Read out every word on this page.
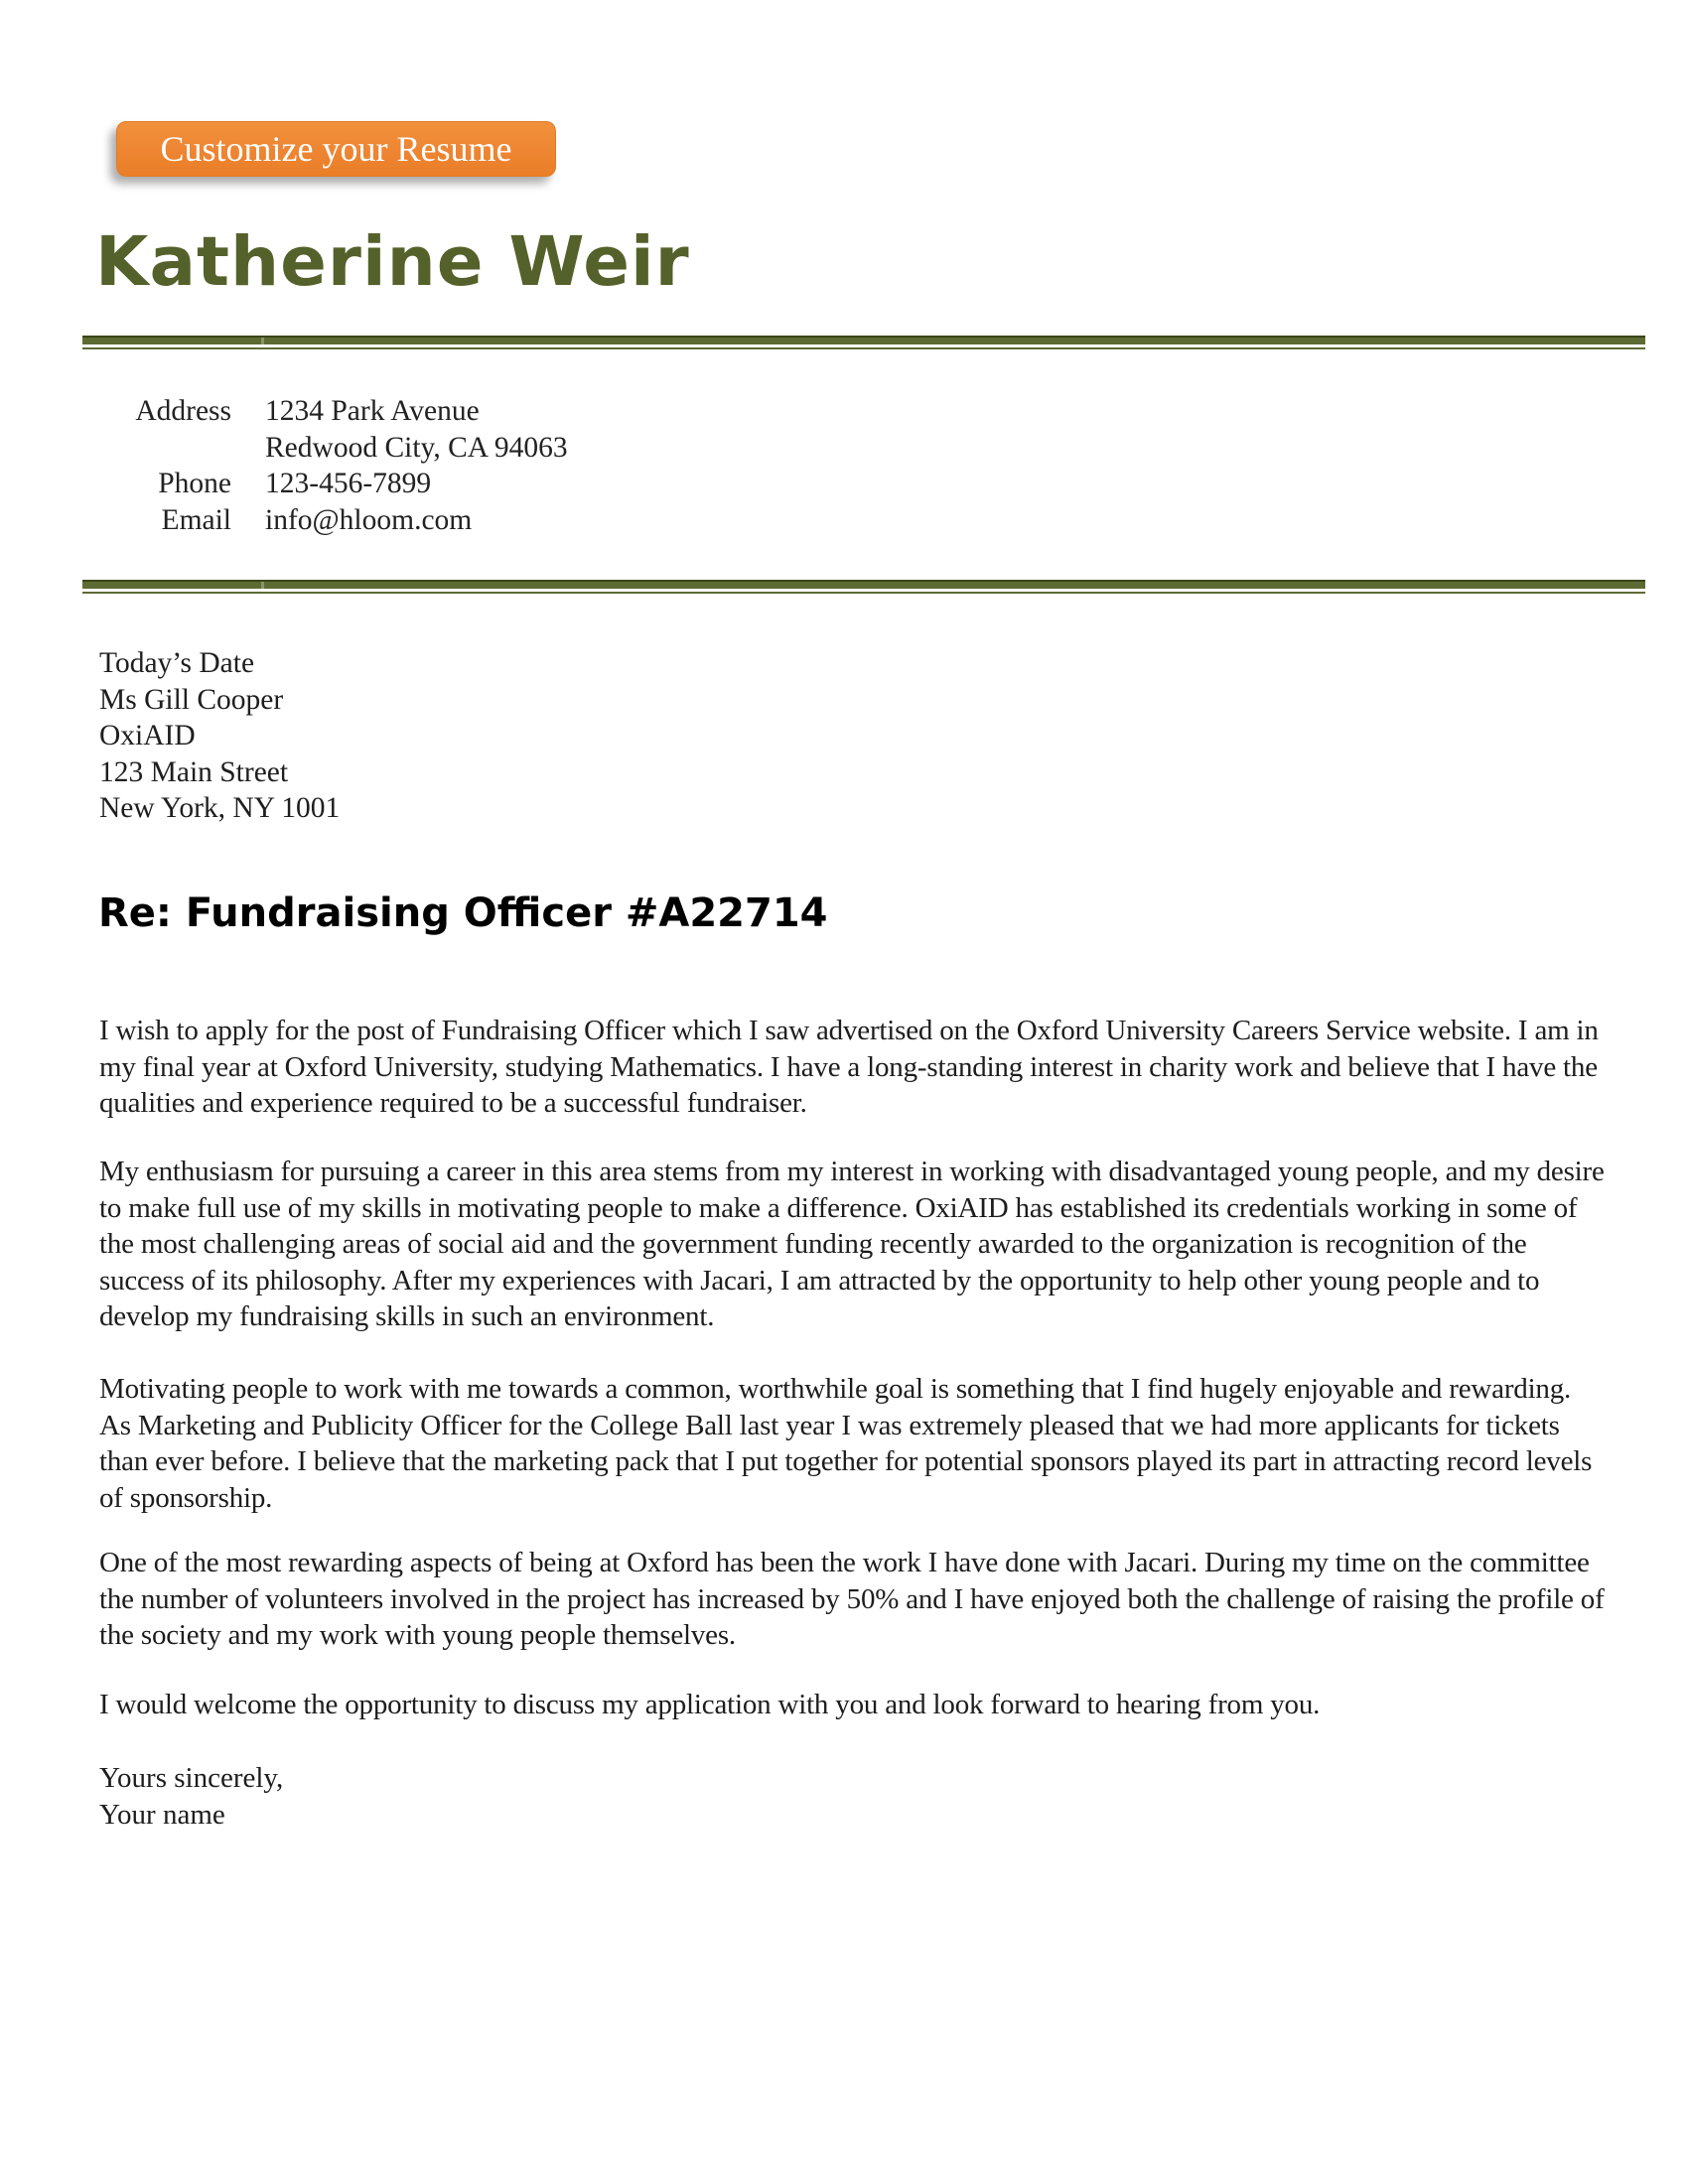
Customize your Resume
Katherine Weir
Address 1234 Park Avenue
Redwood City, CA 94063
Phone 123-456-7899
Email info@hloom.com
Today’s Date
Ms Gill Cooper
OxiAID
123 Main Street
New York, NY 1001
Re: Fundraising Officer #A22714

I wish to apply for the post of Fundraising Officer which I saw advertised on the Oxford University Careers Service website. I am in my final year at Oxford University, studying Mathematics. I have a long-standing interest in charity work and believe that I have the qualities and experience required to be a successful fundraiser.

My enthusiasm for pursuing a career in this area stems from my interest in working with disadvantaged young people, and my desire to make full use of my skills in motivating people to make a difference. OxiAID has established its credentials working in some of the most challenging areas of social aid and the government funding recently awarded to the organization is recognition of the success of its philosophy. After my experiences with Jacari, I am attracted by the opportunity to help other young people and to develop my fundraising skills in such an environment.

Motivating people to work with me towards a common, worthwhile goal is something that I find hugely enjoyable and rewarding. As Marketing and Publicity Officer for the College Ball last year I was extremely pleased that we had more applicants for tickets than ever before. I believe that the marketing pack that I put together for potential sponsors played its part in attracting record levels of sponsorship.

One of the most rewarding aspects of being at Oxford has been the work I have done with Jacari. During my time on the committee the number of volunteers involved in the project has increased by 50% and I have enjoyed both the challenge of raising the profile of the society and my work with young people themselves.

I would welcome the opportunity to discuss my application with you and look forward to hearing from you.

Yours sincerely,
Your name
